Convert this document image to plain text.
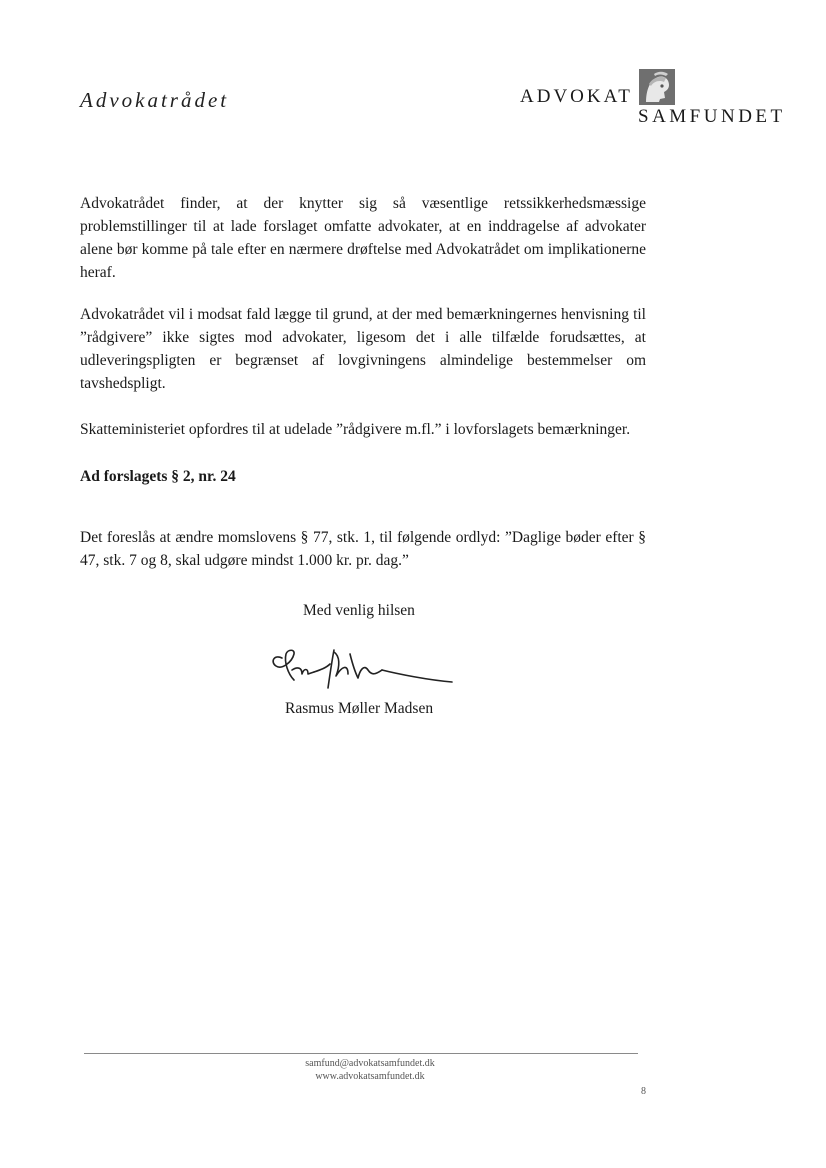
Advokatrådet	ADVOKAT
SAMFUNDET

Advokatrådet finder, at der knytter sig så væsentlige retssikkerhedsmæssige problemstillinger til at lade forslaget omfatte advokater, at en inddragelse af advokater alene bør komme på tale efter en nærmere drøftelse med Advokatrådet om implikationerne heraf.

Advokatrådet vil i modsat fald lægge til grund, at der med bemærkningernes henvisning til ”rådgivere” ikke sigtes mod advokater, ligesom det i alle tilfælde forudsættes, at udleveringspligten er begrænset af lovgivningens almindelige bestemmelser om tavshedspligt.

Skatteministeriet opfordres til at udelade ”rådgivere m.fl.” i lovforslagets bemærkninger.

Ad forslagets § 2, nr. 24

Det foreslås at ændre momslovens § 77, stk. 1, til følgende ordlyd: ”Daglige bøder efter § 47, stk. 7 og 8, skal udgøre mindst 1.000 kr. pr. dag.”

Med venlig hilsen
Rasmus Møller Madsen
samfund@advokatsamfundet.dk
www.advokatsamfundet.dk
8
